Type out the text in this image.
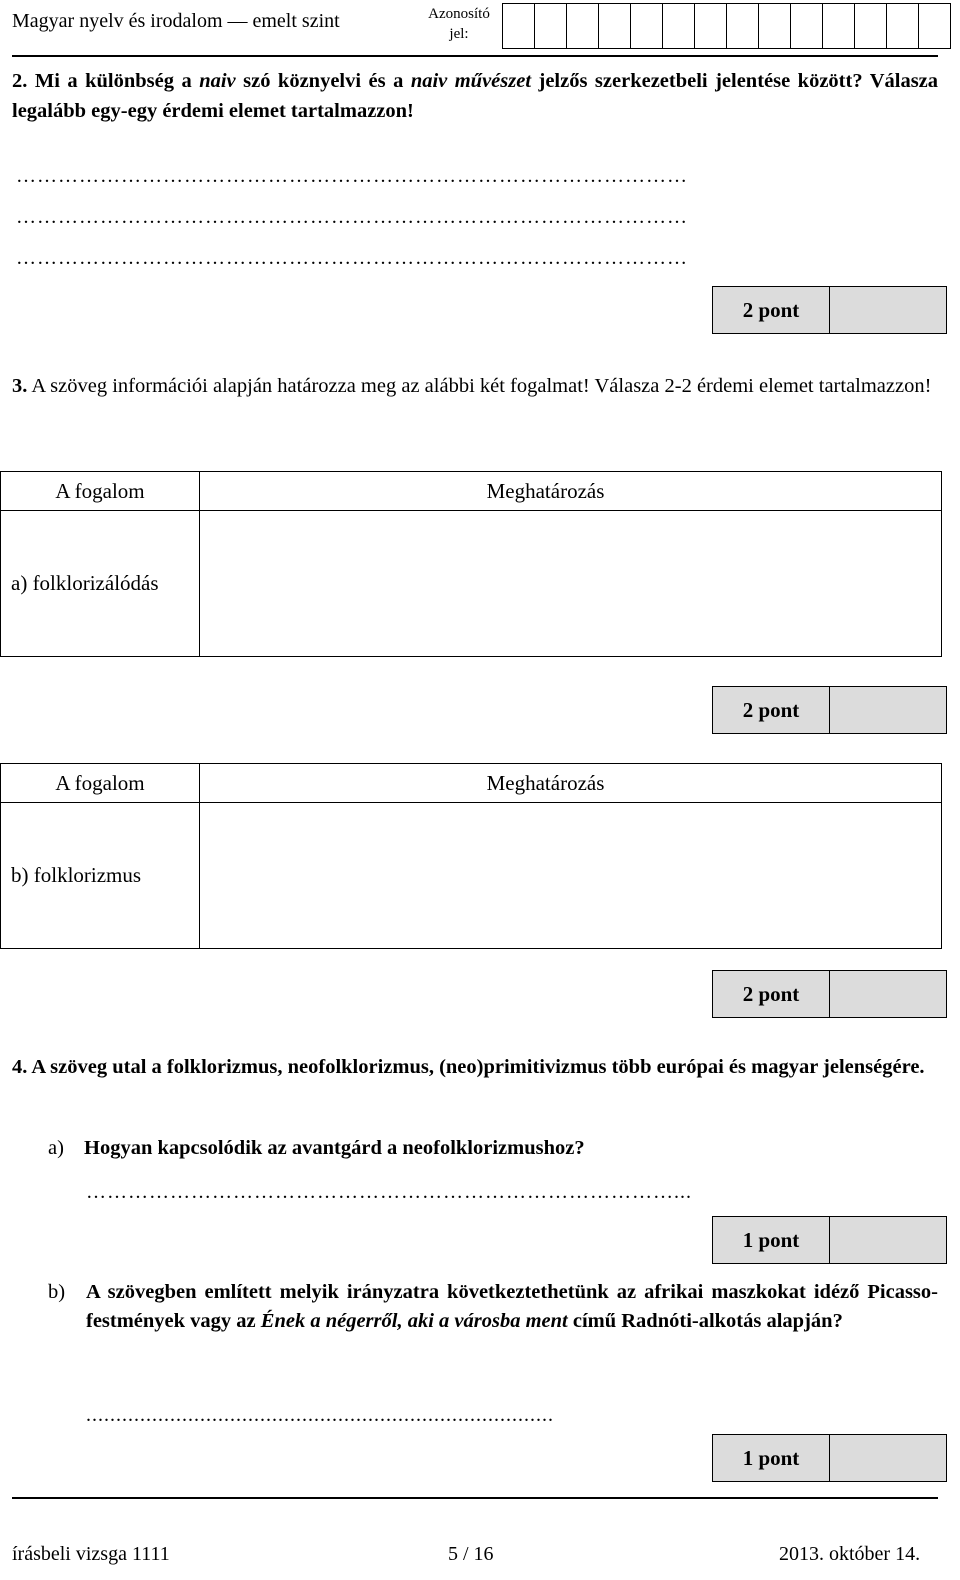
Magyar nyelv és irodalom — emelt szint	Azonosító
jel:
2. Mi a különbség a naiv szó köznyelvi és a naiv művészet jelzős szerkezetbeli jelentése között? Válasza legalább egy-egy érdemi elemet tartalmazzon!
……………………………………………………………………………………
……………………………………………………………………………………
……………………………………………………………………………………
2 pont
3. A szöveg információi alapján határozza meg az alábbi két fogalmat! Válasza 2-2 érdemi elemet tartalmazzon!
A fogalom	Meghatározás
a) folklorizálódás	
2 pont
A fogalom	Meghatározás
b) folklorizmus	
2 pont
4. A szöveg utal a folklorizmus, neofolklorizmus, (neo)primitivizmus több európai és magyar jelenségére.
a) Hogyan kapcsolódik az avantgárd a neofolklorizmushoz?
…………………………………………………………………………...
1 pont
b)	A szövegben említett melyik irányzatra következtethetünk az afrikai maszkokat idéző Picasso-festmények vagy az Ének a négerről, aki a városba ment című Radnóti-alkotás alapján?
..............................................................................
1 pont
írásbeli vizsga 1111	5 / 16	2013. október 14.
